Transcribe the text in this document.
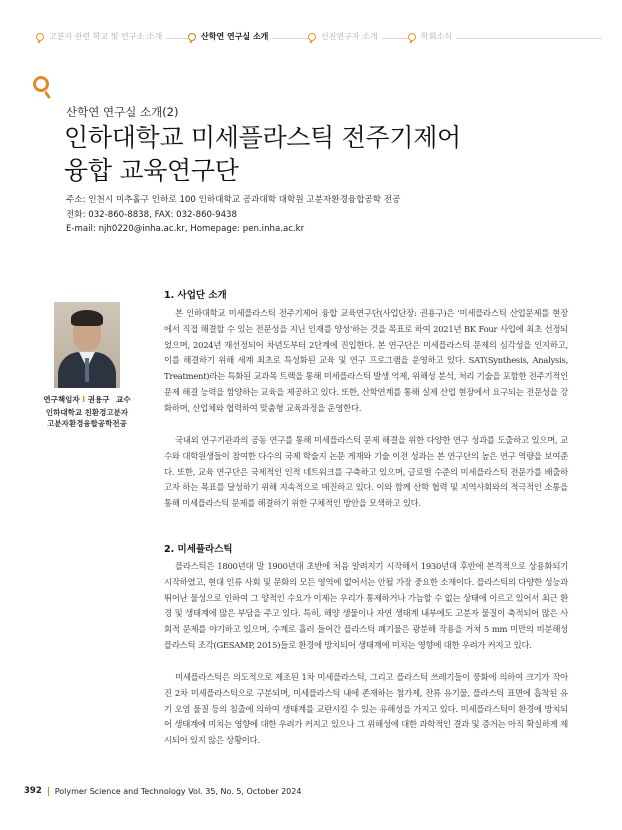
고분자 관련 학교 및 연구소 소개	산학연 연구실 소개	신진연구자 소개	학회소식
산학연 연구실 소개(2)
인하대학교 미세플라스틱 전주기제어
융합 교육연구단
주소: 인천시 미추홀구 인하로 100 인하대학교 공과대학 대학원 고분자환경융합공학 전공
전화: 032-860-8838, FAX: 032-860-9438
E-mail: njh0220@inha.ac.kr, Homepage: pen.inha.ac.kr
연구책임자 I 권용구 교수
인하대학교 친환경고분자
고분자환경융합공학전공
1. 사업단 소개

본 인하대학교 미세플라스틱 전주기제어 융합 교육연구단(사업단장: 권용구)은 '미세플라스틱 산업문제를 현장에서 직접 해결할 수 있는 전문성을 지닌 인재를 양성'하는 것을 목표로 하여 2021년 BK Four 사업에 최초 선정되었으며, 2024년 재선정되어 차년도부터 2단계에 진입한다. 본 연구단은 미세플라스틱 문제의 심각성을 인지하고, 이를 해결하기 위해 세계 최초로 특성화된 교육 및 연구 프로그램을 운영하고 있다. SAT(Synthesis, Analysis, Treatment)라는 특화된 교과목 트랙을 통해 미세플라스틱 발생 억제, 위해성 분석, 처리 기술을 포함한 전주기적인 문제 해결 능력을 함양하는 교육을 제공하고 있다. 또한, 산학연계를 통해 실제 산업 현장에서 요구되는 전문성을 강화하며, 산업체와 협력하여 맞춤형 교육과정을 운영한다.

국내외 연구기관과의 공동 연구를 통해 미세플라스틱 문제 해결을 위한 다양한 연구 성과를 도출하고 있으며, 교수와 대학원생들이 참여한 다수의 국제 학술지 논문 게재와 기술 이전 성과는 본 연구단의 높은 연구 역량을 보여준다. 또한, 교육 연구단은 국제적인 인적 네트워크를 구축하고 있으며, 글로벌 수준의 미세플라스틱 전문가를 배출하고자 하는 목표를 달성하기 위해 지속적으로 매진하고 있다. 이와 함께 산학 협력 및 지역사회와의 적극적인 소통을 통해 미세플라스틱 문제를 해결하기 위한 구체적인 방안을 모색하고 있다.

2. 미세플라스틱

플라스틱은 1800년대 말 1900년대 초반에 처음 알려지기 시작해서 1930년대 후반에 본격적으로 상용화되기 시작하였고, 현대 인류 사회 및 문화의 모든 영역에 없어서는 안될 가장 중요한 소재이다. 플라스틱의 다양한 성능과 뛰어난 물성으로 인하여 그 양적인 수요가 이제는 우리가 통제하거나 가늠할 수 없는 상태에 이르고 있어서 최근 환경 및 생태계에 많은 부담을 주고 있다. 특히, 해양 생물이나 자연 생태계 내부에도 고분자 물질이 축적되어 많은 사회적 문제를 야기하고 있으며, 수계로 흘러 들어간 플라스틱 폐기물은 광분해 작용을 거쳐 5 mm 미만의 비분해성 플라스틱 조각(GESAMP, 2015)들로 환경에 방치되어 생태계에 미치는 영향에 대한 우려가 커지고 있다.

미세플라스틱은 의도적으로 제조된 1차 미세플라스틱, 그리고 플라스틱 쓰레기들이 풍화에 의하여 크기가 작아진 2차 미세플라스틱으로 구분되며, 미세플라스틱 내에 존재하는 첨가제, 잔류 유기물, 플라스틱 표면에 흡착된 유기 오염 물질 등의 침출에 의하여 생태계를 교란시킬 수 있는 유해성을 가지고 있다. 미세플라스틱이 환경에 방치되어 생태계에 미치는 영향에 대한 우려가 커지고 있으나 그 위해성에 대한 과학적인 결과 및 증거는 아직 확실하게 제시되어 있지 않은 상황이다.

392 Polymer Science and Technology Vol. 35, No. 5, October 2024
